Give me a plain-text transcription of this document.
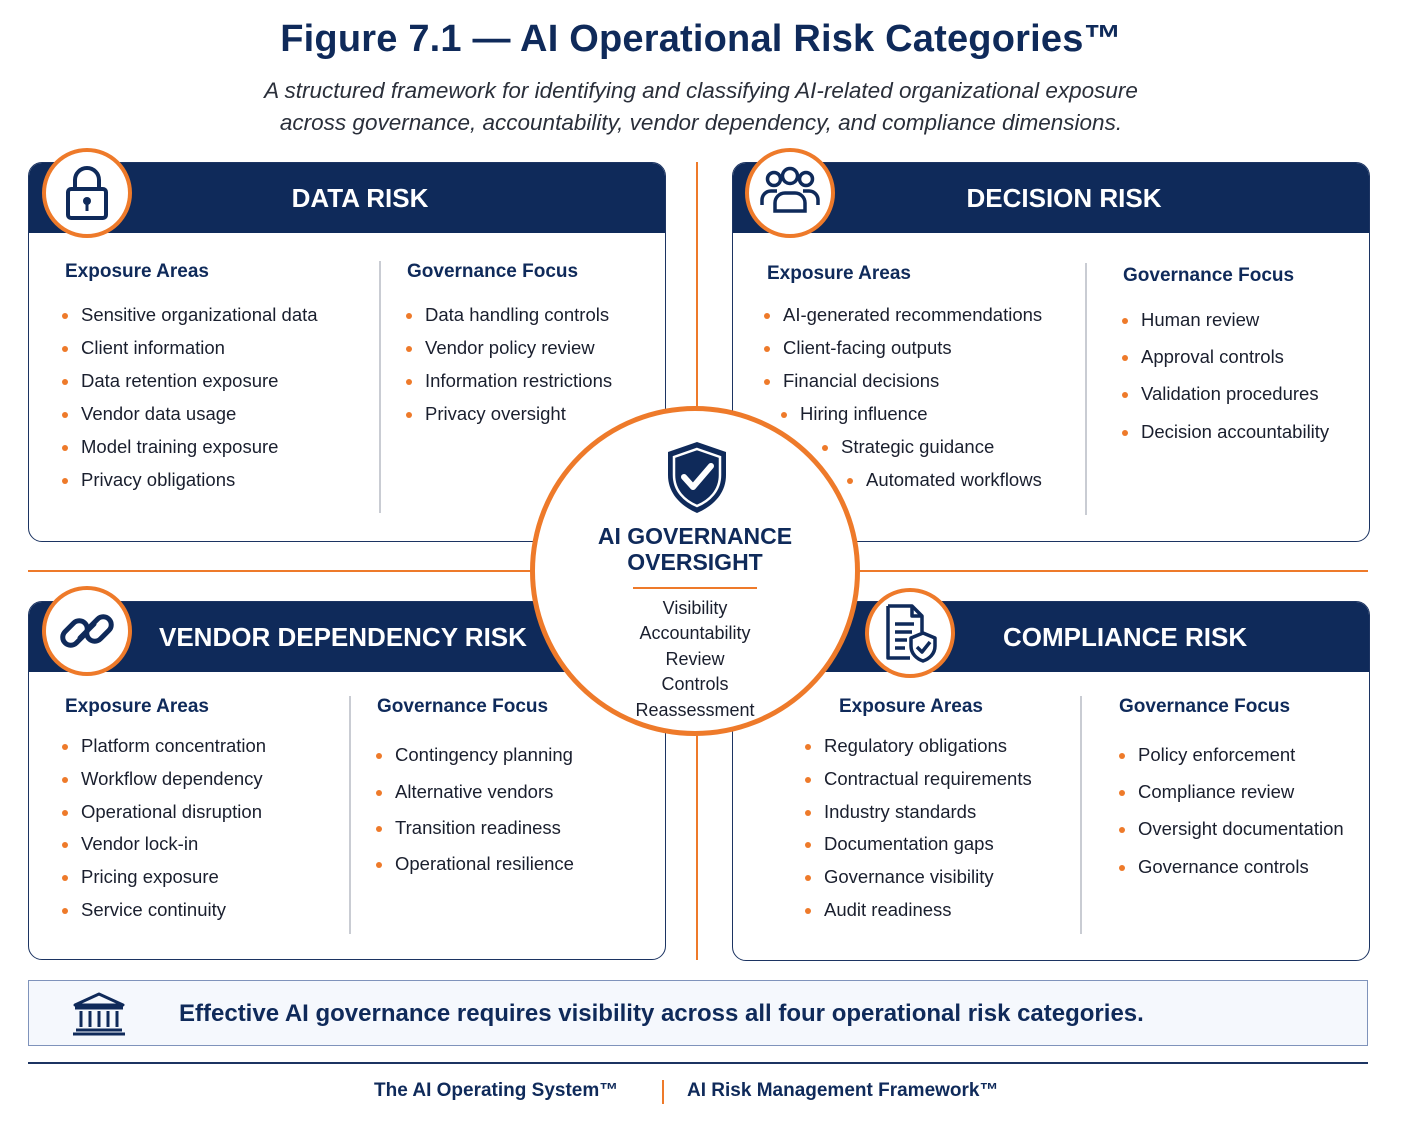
Figure 7.1 — AI Operational Risk Categories™
A structured framework for identifying and classifying AI-related organizational exposure
across governance, accountability, vendor dependency, and compliance dimensions.
DATA RISK
Exposure Areas
Sensitive organizational data
Client information
Data retention exposure
Vendor data usage
Model training exposure
Privacy obligations
Governance Focus
Data handling controls
Vendor policy review
Information restrictions
Privacy oversight
DECISION RISK
Exposure Areas
AI-generated recommendations
Client-facing outputs
Financial decisions
Hiring influence
Strategic guidance
Automated workflows
Governance Focus
Human review
Approval controls
Validation procedures
Decision accountability
VENDOR DEPENDENCY RISK
Exposure Areas
Platform concentration
Workflow dependency
Operational disruption
Vendor lock-in
Pricing exposure
Service continuity
Governance Focus
Contingency planning
Alternative vendors
Transition readiness
Operational resilience
COMPLIANCE RISK
Exposure Areas
Regulatory obligations
Contractual requirements
Industry standards
Documentation gaps
Governance visibility
Audit readiness
Governance Focus
Policy enforcement
Compliance review
Oversight documentation
Governance controls
AI GOVERNANCE
OVERSIGHT
Visibility
Accountability
Review
Controls
Reassessment
Effective AI governance requires visibility across all four operational risk categories.
The AI Operating System™	AI Risk Management Framework™
